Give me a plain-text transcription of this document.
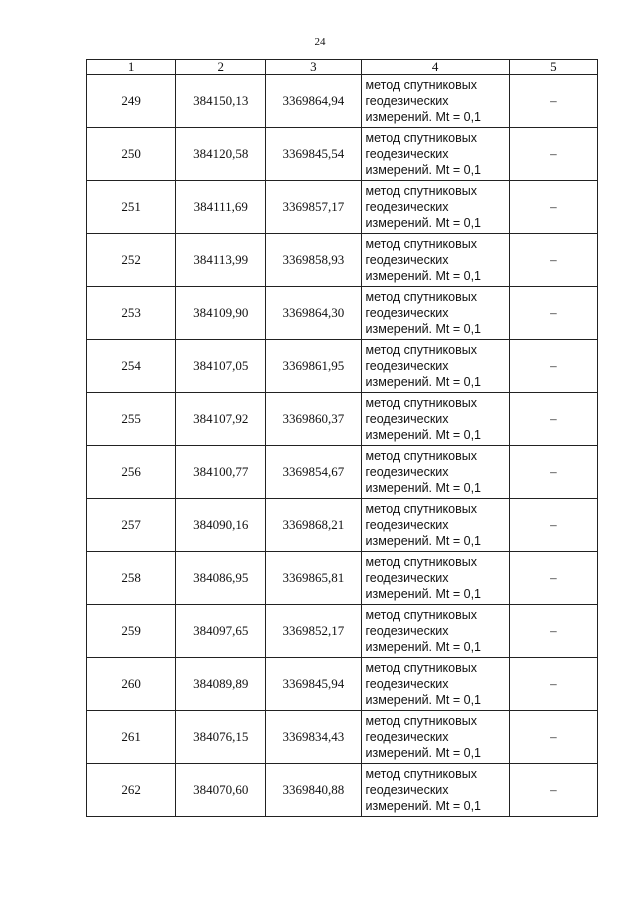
24
1	2	3	4	5
249	384150,13	3369864,94	метод спутниковых
геодезических
измерений. Mt = 0,1	–
250	384120,58	3369845,54	метод спутниковых
геодезических
измерений. Mt = 0,1	–
251	384111,69	3369857,17	метод спутниковых
геодезических
измерений. Mt = 0,1	–
252	384113,99	3369858,93	метод спутниковых
геодезических
измерений. Mt = 0,1	–
253	384109,90	3369864,30	метод спутниковых
геодезических
измерений. Mt = 0,1	–
254	384107,05	3369861,95	метод спутниковых
геодезических
измерений. Mt = 0,1	–
255	384107,92	3369860,37	метод спутниковых
геодезических
измерений. Mt = 0,1	–
256	384100,77	3369854,67	метод спутниковых
геодезических
измерений. Mt = 0,1	–
257	384090,16	3369868,21	метод спутниковых
геодезических
измерений. Mt = 0,1	–
258	384086,95	3369865,81	метод спутниковых
геодезических
измерений. Mt = 0,1	–
259	384097,65	3369852,17	метод спутниковых
геодезических
измерений. Mt = 0,1	–
260	384089,89	3369845,94	метод спутниковых
геодезических
измерений. Mt = 0,1	–
261	384076,15	3369834,43	метод спутниковых
геодезических
измерений. Mt = 0,1	–
262	384070,60	3369840,88	метод спутниковых
геодезических
измерений. Mt = 0,1	–
